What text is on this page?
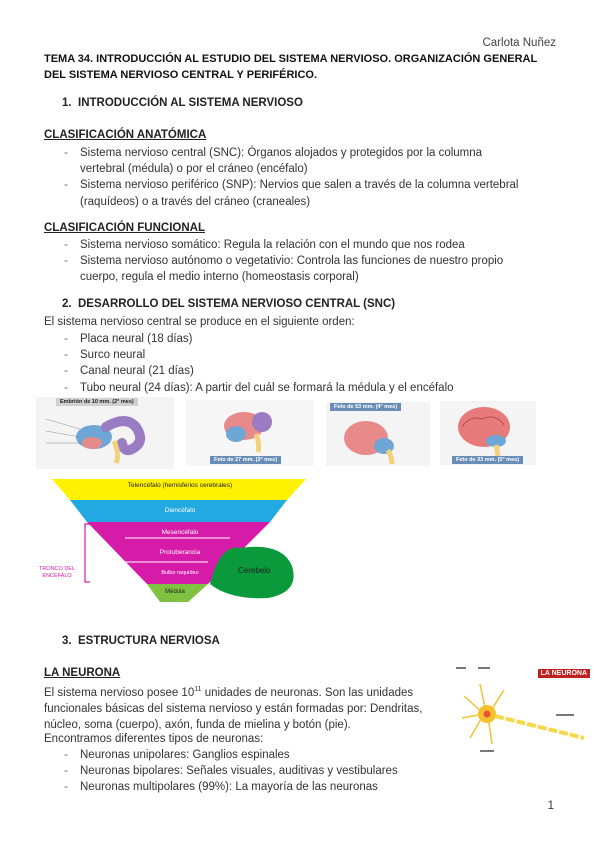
Carlota Nuñez
TEMA 34. INTRODUCCIÓN AL ESTUDIO DEL SISTEMA NERVIOSO. ORGANIZACIÓN GENERAL DEL SISTEMA NERVIOSO CENTRAL Y PERIFÉRICO.
1. INTRODUCCIÓN AL SISTEMA NERVIOSO
CLASIFICACIÓN ANATÓMICA
- Sistema nervioso central (SNC): Órganos alojados y protegidos por la columna vertebral (médula) o por el cráneo (encéfalo)
- Sistema nervioso periférico (SNP): Nervios que salen a través de la columna vertebral (raquídeos) o a través del cráneo (craneales)
CLASIFICACIÓN FUNCIONAL
- Sistema nervioso somático: Regula la relación con el mundo que nos rodea
- Sistema nervioso autónomo o vegetativio: Controla las funciones de nuestro propio cuerpo, regula el medio interno (homeostasis corporal)
2. DESARROLLO DEL SISTEMA NERVIOSO CENTRAL (SNC)
El sistema nervioso central se produce en el siguiente orden:
- Placa neural (18 días)
- Surco neural
- Canal neural (21 días)
- Tubo neural (24 días): A partir del cuál se formará la médula y el encéfalo
Embrión de 10 mm. (2° mes)
Feto de 27 mm. (3° mes)
Feto de 53 mm. (4° mes)
Feto de 33 mm. (5° mes)
Telencéfalo (hemisferios cerebrales)
Diencéfalo
Mesencéfalo
Protuberancia
Bulbo raquídeo
Médula
Cerebelo
TRONCO DEL ENCÉFALO
3. ESTRUCTURA NERVIOSA
LA NEURONA
El sistema nervioso posee $10^{11}$ unidades de neuronas. Son las unidades funcionales básicas del sistema nervioso y están formadas por: Dendritas, núcleo, soma (cuerpo), axón, funda de mielina y botón (pie).
Encontramos diferentes tipos de neuronas:
- Neuronas unipolares: Ganglios espinales
- Neuronas bipolares: Señales visuales, auditivas y vestibulares
- Neuronas multipolares (99%): La mayoría de las neuronas
LA NEURONA
1
